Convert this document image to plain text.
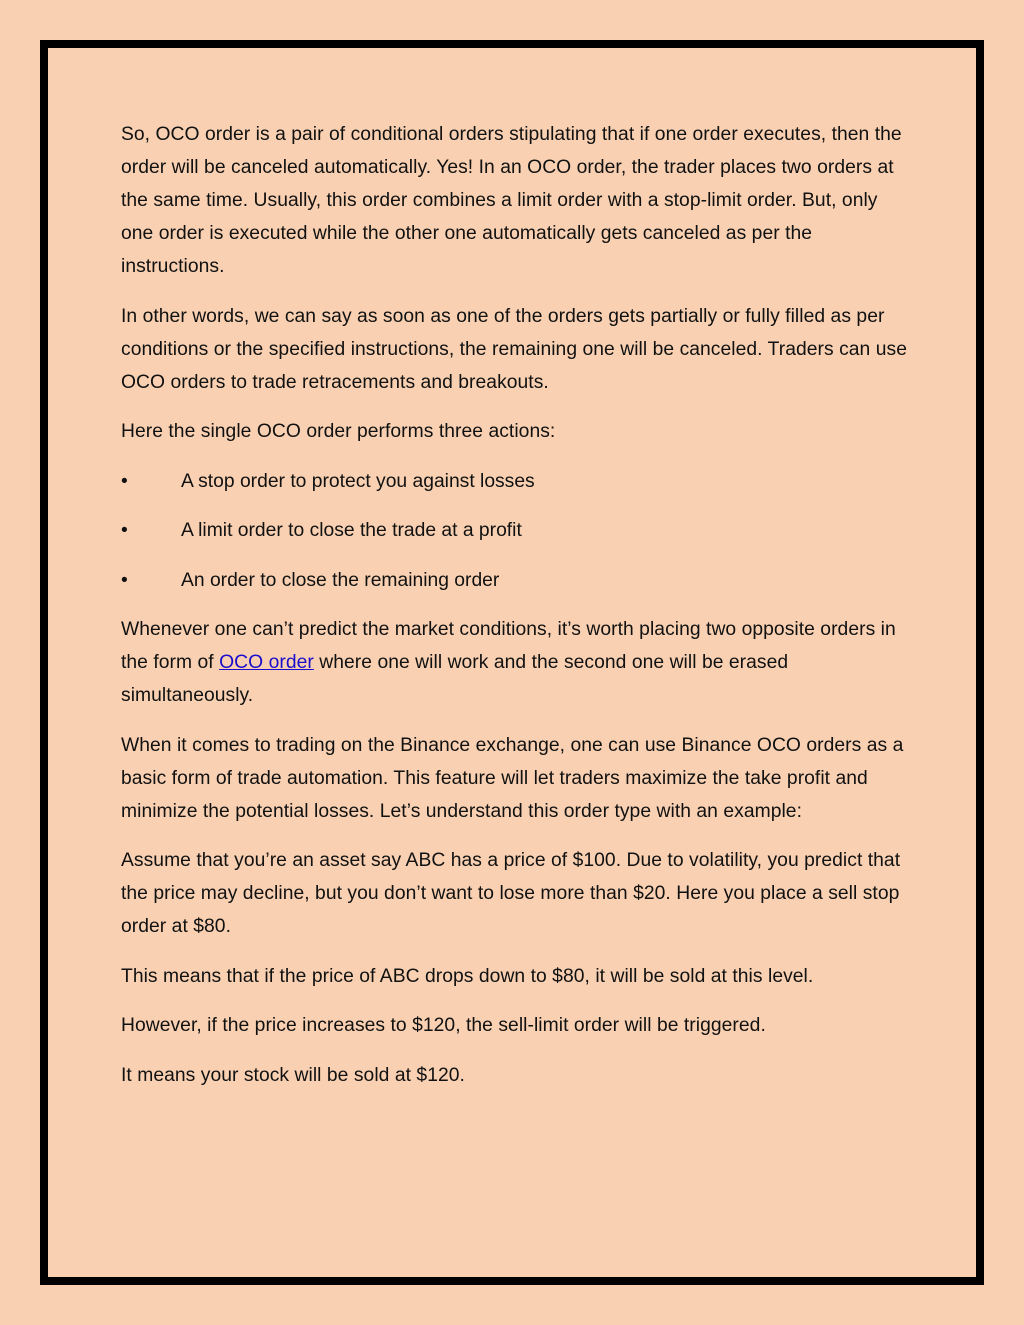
So, OCO order is a pair of conditional orders stipulating that if one order executes, then the order will be canceled automatically. Yes! In an OCO order, the trader places two orders at the same time. Usually, this order combines a limit order with a stop-limit order. But, only one order is executed while the other one automatically gets canceled as per the instructions.

In other words, we can say as soon as one of the orders gets partially or fully filled as per conditions or the specified instructions, the remaining one will be canceled. Traders can use OCO orders to trade retracements and breakouts.

Here the single OCO order performs three actions:

•	A stop order to protect you against losses
•	A limit order to close the trade at a profit
•	An order to close the remaining order

Whenever one can’t predict the market conditions, it’s worth placing two opposite orders in the form of OCO order where one will work and the second one will be erased simultaneously.

When it comes to trading on the Binance exchange, one can use Binance OCO orders as a basic form of trade automation. This feature will let traders maximize the take profit and minimize the potential losses. Let’s understand this order type with an example:

Assume that you’re an asset say ABC has a price of $100. Due to volatility, you predict that the price may decline, but you don’t want to lose more than $20. Here you place a sell stop order at $80.

This means that if the price of ABC drops down to $80, it will be sold at this level.

However, if the price increases to $120, the sell-limit order will be triggered.

It means your stock will be sold at $120.
